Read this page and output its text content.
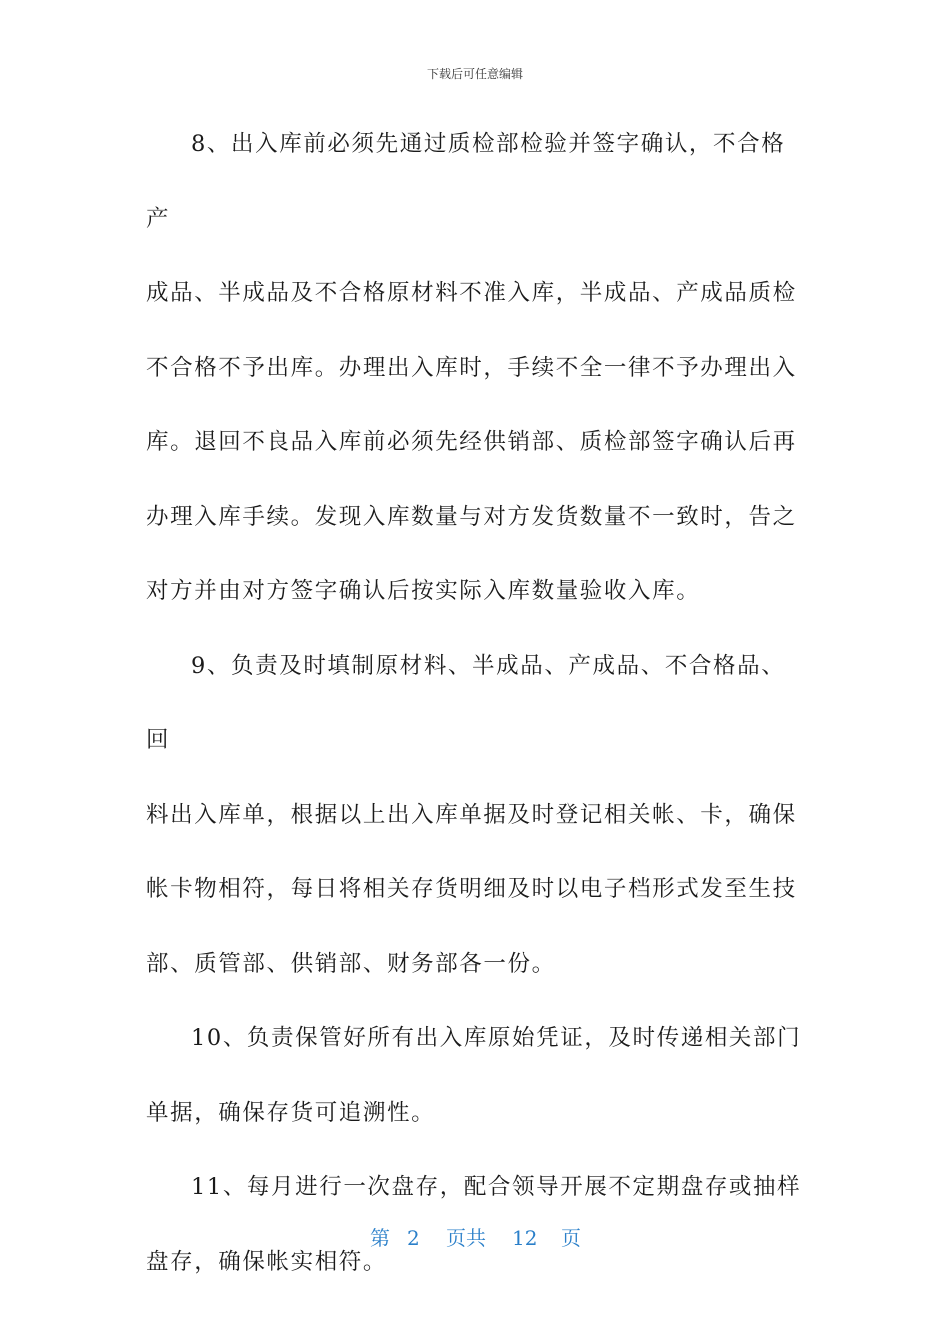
下载后可任意编辑
8、出入库前必须先通过质检部检验并签字确认，不合格产
成品、半成品及不合格原材料不准入库，半成品、产成品质检
不合格不予出库。办理出入库时，手续不全一律不予办理出入
库。退回不良品入库前必须先经供销部、质检部签字确认后再
办理入库手续。发现入库数量与对方发货数量不一致时，告之
对方并由对方签字确认后按实际入库数量验收入库。
9、负责及时填制原材料、半成品、产成品、不合格品、回
料出入库单，根据以上出入库单据及时登记相关帐、卡，确保
帐卡物相符，每日将相关存货明细及时以电子档形式发至生技
部、质管部、供销部、财务部各一份。
10、负责保管好所有出入库原始凭证，及时传递相关部门
单据，确保存货可追溯性。
11、每月进行一次盘存，配合领导开展不定期盘存或抽样
盘存，确保帐实相符。
第 2 页共 12 页
